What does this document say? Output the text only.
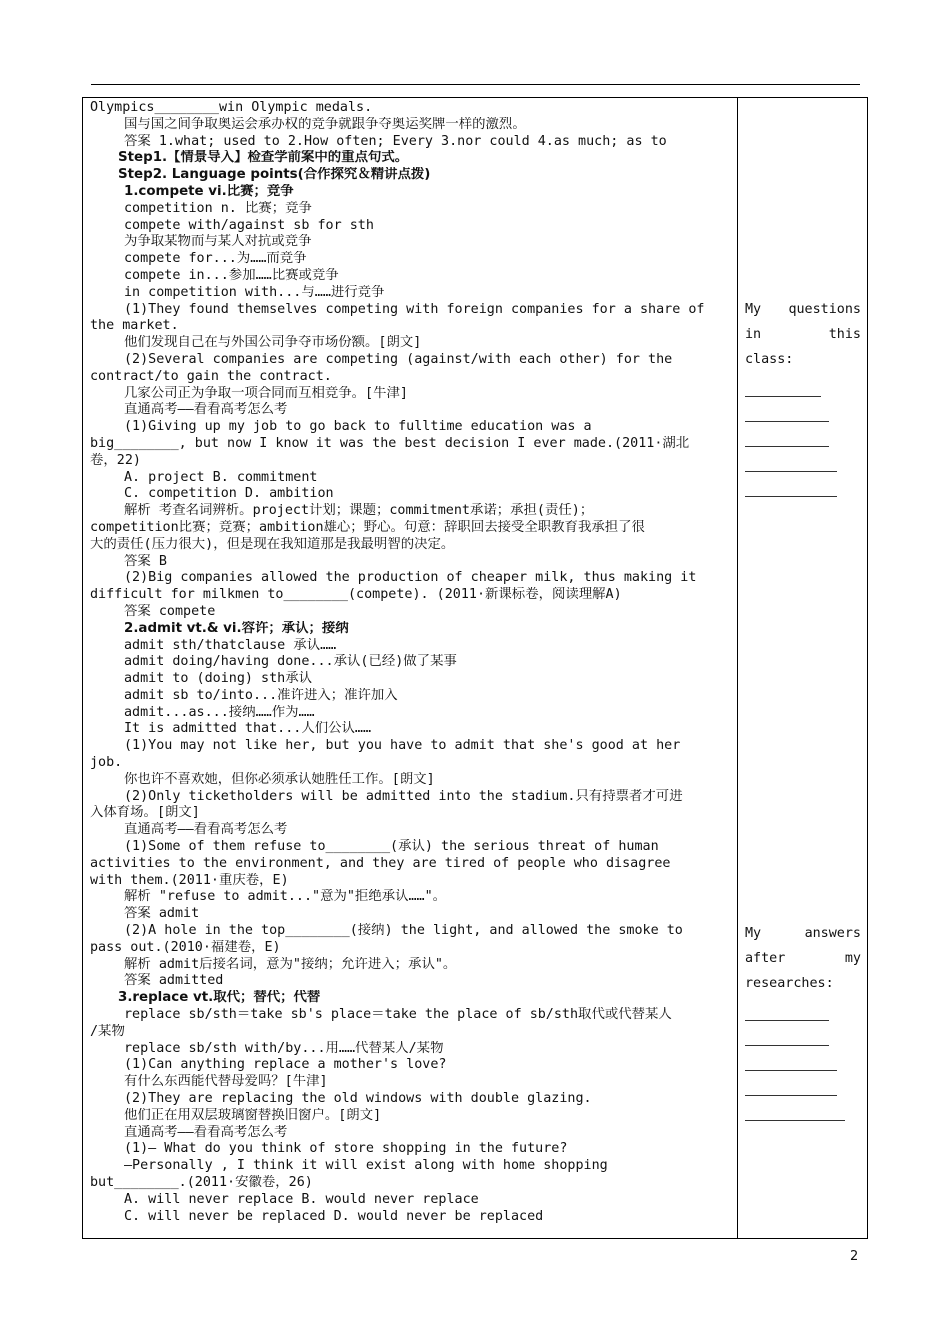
Olympics________win Olympic medals.
国与国之间争取奥运会承办权的竞争就跟争夺奥运奖牌一样的激烈。
答案 1.what; used to 2.How often; Every 3.nor could 4.as much; as to
Step1.【情景导入】检查学前案中的重点句式。
Step2. Language points(合作探究＆精讲点拨)
1.compete vi.比赛；竞争
competition n. 比赛；竞争
compete with/against sb for sth
为争取某物而与某人对抗或竞争
compete for...为……而竞争
compete in...参加……比赛或竞争
in competition with...与……进行竞争
(1)They found themselves competing with foreign companies for a share of
the market.
他们发现自己在与外国公司争夺市场份额。[朗文]
(2)Several companies are competing (against/with each other) for the
contract/to gain the contract.
几家公司正为争取一项合同而互相竞争。[牛津]
直通高考——看看高考怎么考
(1)Giving up my job to go back to fulltime education was a
big________, but now I know it was the best decision I ever made.(2011·湖北
卷，22)
A. project B. commitment
C. competition D. ambition
解析 考查名词辨析。project计划；课题；commitment承诺；承担(责任)；
competition比赛；竞赛；ambition雄心；野心。句意：辞职回去接受全职教育我承担了很
大的责任(压力很大)，但是现在我知道那是我最明智的决定。
答案 B
(2)Big companies allowed the production of cheaper milk, thus making it
difficult for milkmen to________(compete). (2011·新课标卷，阅读理解A)
答案 compete
2.admit vt.& vi.容许；承认；接纳
admit sth/thatclause 承认……
admit doing/having done...承认(已经)做了某事
admit to (doing) sth承认
admit sb to/into...准许进入；准许加入
admit...as...接纳……作为……
It is admitted that...人们公认……
(1)You may not like her, but you have to admit that she's good at her
job.
你也许不喜欢她，但你必须承认她胜任工作。[朗文]
(2)Only ticketholders will be admitted into the stadium.只有持票者才可进
入体育场。[朗文]
直通高考——看看高考怎么考
(1)Some of them refuse to________(承认) the serious threat of human
activities to the environment, and they are tired of people who disagree
with them.(2011·重庆卷，E)
解析 "refuse to admit..."意为"拒绝承认……"。
答案 admit
(2)A hole in the top________(接纳) the light, and allowed the smoke to
pass out.(2010·福建卷，E)
解析 admit后接名词，意为"接纳；允许进入；承认"。
答案 admitted
3.replace vt.取代；替代；代替
replace sb/sth＝take sb's place＝take the place of sb/sth取代或代替某人
/某物
replace sb/sth with/by...用……代替某人/某物
(1)Can anything replace a mother's love?
有什么东西能代替母爱吗？[牛津]
(2)They are replacing the old windows with double glazing.
他们正在用双层玻璃窗替换旧窗户。[朗文]
直通高考——看看高考怎么考
(1)— What do you think of store shopping in the future?
—Personally , I think it will exist along with home shopping
but________.(2011·安徽卷，26)
A. will never replace B. would never replace
C. will never be replaced D. would never be replaced
My questions
in	this
class:
My	answers
after	my
researches:
2
